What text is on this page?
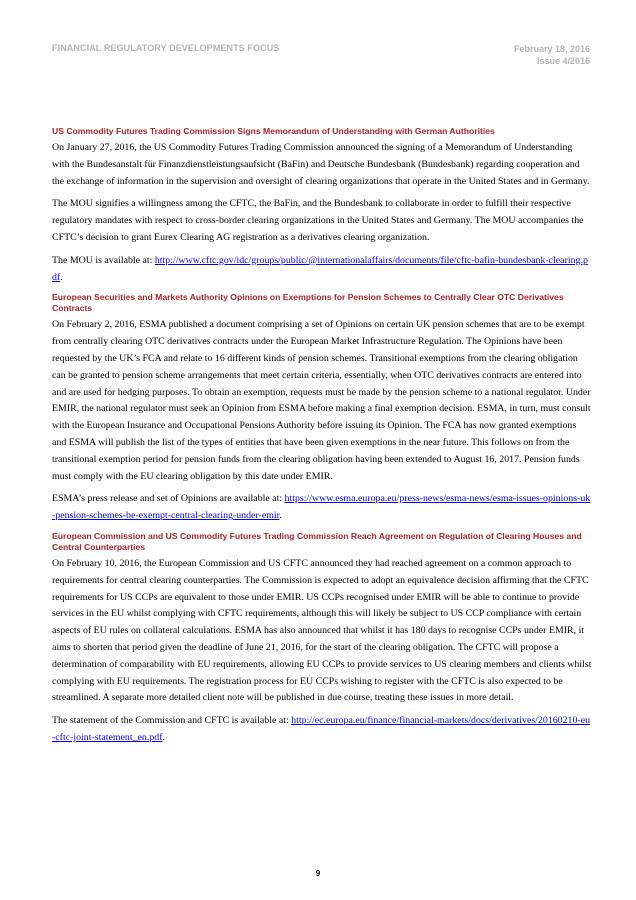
FINANCIAL REGULATORY DEVELOPMENTS FOCUS	February 18, 2016
Issue 4/2016
US Commodity Futures Trading Commission Signs Memorandum of Understanding with German Authorities

On January 27, 2016, the US Commodity Futures Trading Commission announced the signing of a Memorandum of Understanding with the Bundesanstalt für Finanzdienstleistungsaufsicht (BaFin) and Deutsche Bundesbank (Bundesbank) regarding cooperation and the exchange of information in the supervision and oversight of clearing organizations that operate in the United States and in Germany.

The MOU signifies a willingness among the CFTC, the BaFin, and the Bundesbank to collaborate in order to fulfill their respective regulatory mandates with respect to cross-border clearing organizations in the United States and Germany. The MOU accompanies the CFTC’s decision to grant Eurex Clearing AG registration as a derivatives clearing organization.

The MOU is available at: http://www.cftc.gov/idc/groups/public/@internationalaffairs/documents/file/cftc-bafin-bundesbank-clearing.pdf.

European Securities and Markets Authority Opinions on Exemptions for Pension Schemes to Centrally Clear OTC Derivatives Contracts

On February 2, 2016, ESMA published a document comprising a set of Opinions on certain UK pension schemes that are to be exempt from centrally clearing OTC derivatives contracts under the European Market Infrastructure Regulation. The Opinions have been requested by the UK’s FCA and relate to 16 different kinds of pension schemes. Transitional exemptions from the clearing obligation can be granted to pension scheme arrangements that meet certain criteria, essentially, when OTC derivatives contracts are entered into and are used for hedging purposes. To obtain an exemption, requests must be made by the pension scheme to a national regulator. Under EMIR, the national regulator must seek an Opinion from ESMA before making a final exemption decision. ESMA, in turn, must consult with the European Insurance and Occupational Pensions Authority before issuing its Opinion. The FCA has now granted exemptions and ESMA will publish the list of the types of entities that have been given exemptions in the near future. This follows on from the transitional exemption period for pension funds from the clearing obligation having been extended to August 16, 2017. Pension funds must comply with the EU clearing obligation by this date under EMIR.

ESMA’s press release and set of Opinions are available at: https://www.esma.europa.eu/press-news/esma-news/esma-issues-opinions-uk-pension-schemes-be-exempt-central-clearing-under-emir.

European Commission and US Commodity Futures Trading Commission Reach Agreement on Regulation of Clearing Houses and Central Counterparties

On February 10, 2016, the European Commission and US CFTC announced they had reached agreement on a common approach to requirements for central clearing counterparties. The Commission is expected to adopt an equivalence decision affirming that the CFTC requirements for US CCPs are equivalent to those under EMIR. US CCPs recognised under EMIR will be able to continue to provide services in the EU whilst complying with CFTC requirements, although this will likely be subject to US CCP compliance with certain aspects of EU rules on collateral calculations. ESMA has also announced that whilst it has 180 days to recognise CCPs under EMIR, it aims to shorten that period given the deadline of June 21, 2016, for the start of the clearing obligation. The CFTC will propose a determination of comparability with EU requirements, allowing EU CCPs to provide services to US clearing members and clients whilst complying with EU requirements. The registration process for EU CCPs wishing to register with the CFTC is also expected to be streamlined. A separate more detailed client note will be published in due course, treating these issues in more detail.

The statement of the Commission and CFTC is available at: http://ec.europa.eu/finance/financial-markets/docs/derivatives/20160210-eu-cftc-joint-statement_en.pdf.

9
